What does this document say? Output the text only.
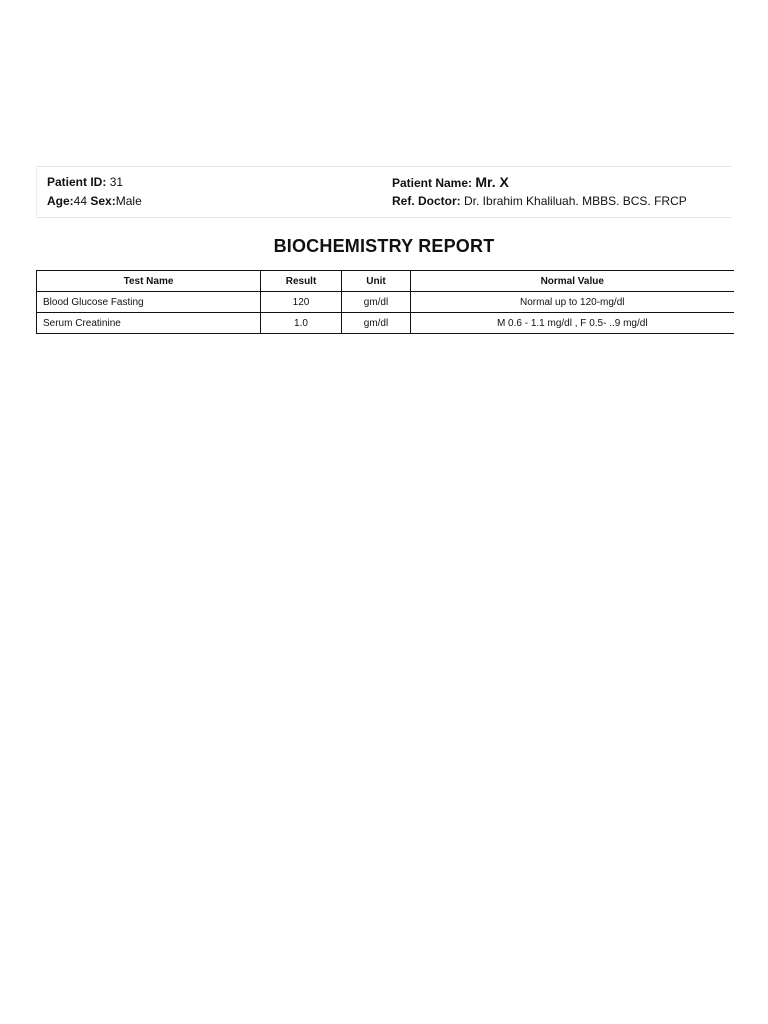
Patient ID: 31
Age:44 Sex:Male
Patient Name: Mr. X
Ref. Doctor: Dr. Ibrahim Khaliluah. MBBS. BCS. FRCP
BIOCHEMISTRY REPORT
Test Name	Result	Unit	Normal Value
Blood Glucose Fasting	120	gm/dl	Normal up to 120-mg/dl
Serum Creatinine	1.0	gm/dl	M 0.6 - 1.1 mg/dl , F 0.5- ..9 mg/dl
